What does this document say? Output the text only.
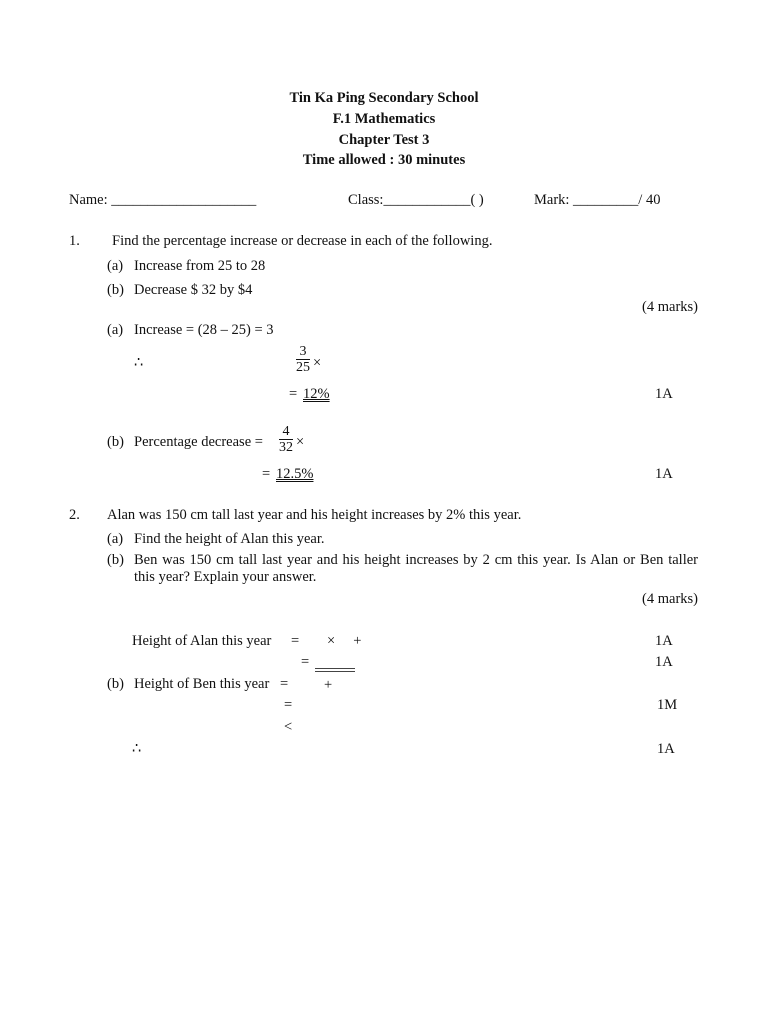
Tin Ka Ping Secondary School
F.1 Mathematics
Chapter Test 3
Time allowed : 30 minutes
Name: ____________________	Class:____________( )	Mark: _________/ 40
1. Find the percentage increase or decrease in each of the following.
(a) Increase from 25 to 28
(b) Decrease $ 32 by $4
(4 marks)
(a) Increase = (28 – 25) = 3
∴	$\frac{3}{25}$ ×
= 12%	1A
(b) Percentage decrease = $\frac{4}{32}$ ×
= 12.5%	1A
2. Alan was 150 cm tall last year and his height increases by 2% this year.
(a) Find the height of Alan this year.
(b) Ben was 150 cm tall last year and his height increases by 2 cm this year. Is Alan or Ben taller this year? Explain your answer.
(4 marks)
Height of Alan this year = ×     +	1A
=	1A
(b) Height of Ben this year = +
=	1M
<
∴	1A
